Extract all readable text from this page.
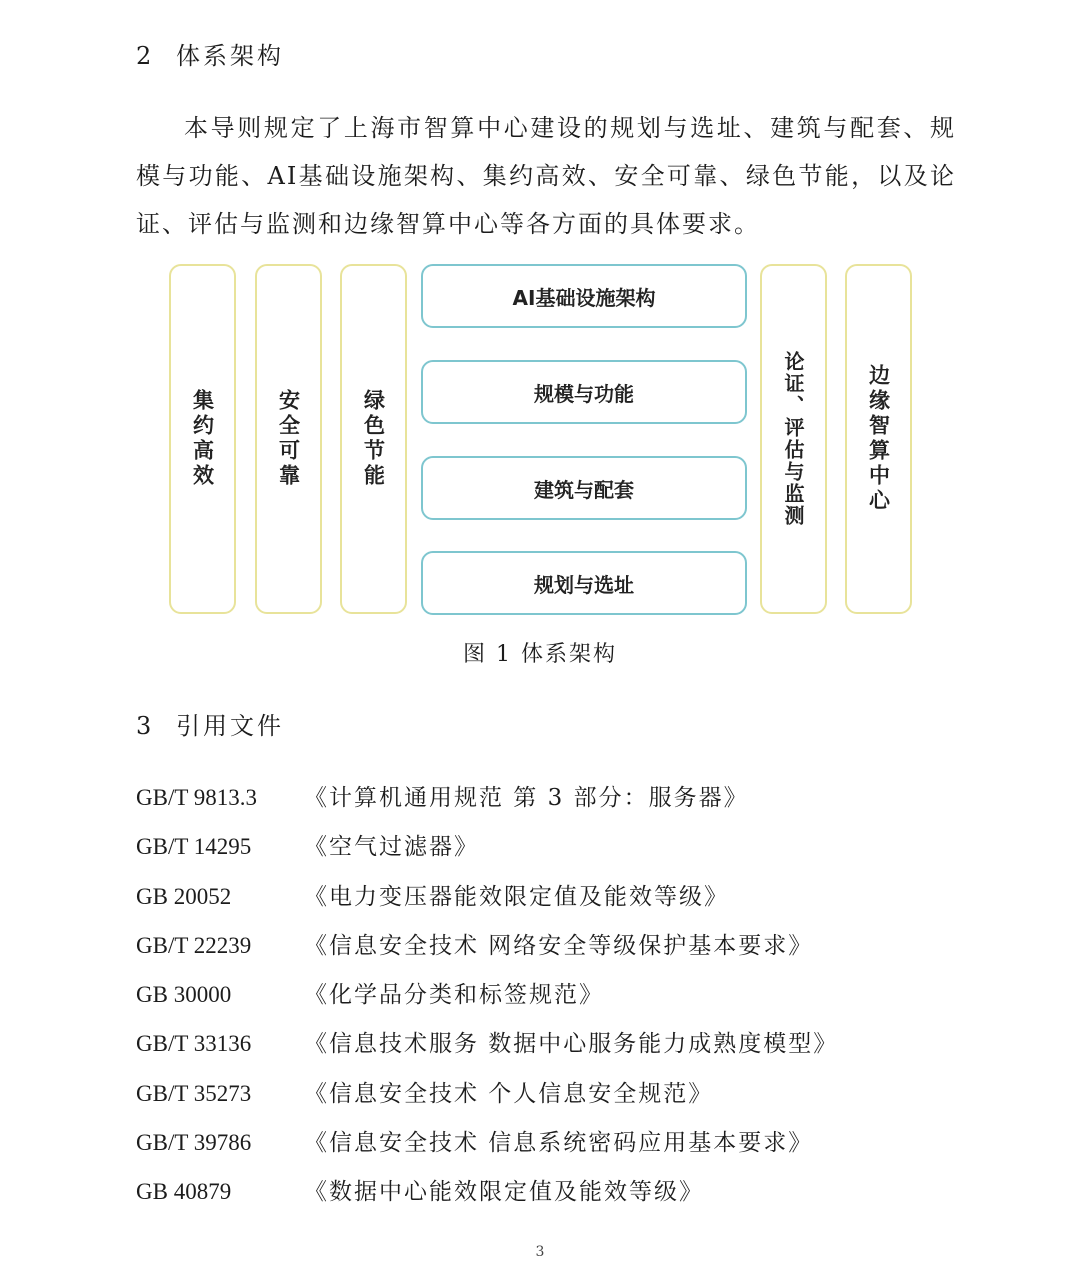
2 体系架构
本导则规定了上海市智算中心建设的规划与选址、建筑与配套、规模与功能、AI基础设施架构、集约高效、安全可靠、绿色节能，以及论证、评估与监测和边缘智算中心等各方面的具体要求。
集约高效	安全可靠	绿色节能
AI基础设施架构
规模与功能
建筑与配套
规划与选址
论证、评估与监测	边缘智算中心
图 1 体系架构
3 引用文件
GB/T 9813.3 《计算机通用规范 第 3 部分：服务器》
GB/T 14295 《空气过滤器》
GB 20052	《电力变压器能效限定值及能效等级》
GB/T 22239 《信息安全技术 网络安全等级保护基本要求》
GB 30000	《化学品分类和标签规范》
GB/T 33136 《信息技术服务 数据中心服务能力成熟度模型》
GB/T 35273 《信息安全技术 个人信息安全规范》
GB/T 39786 《信息安全技术 信息系统密码应用基本要求》
GB 40879	《数据中心能效限定值及能效等级》
3
